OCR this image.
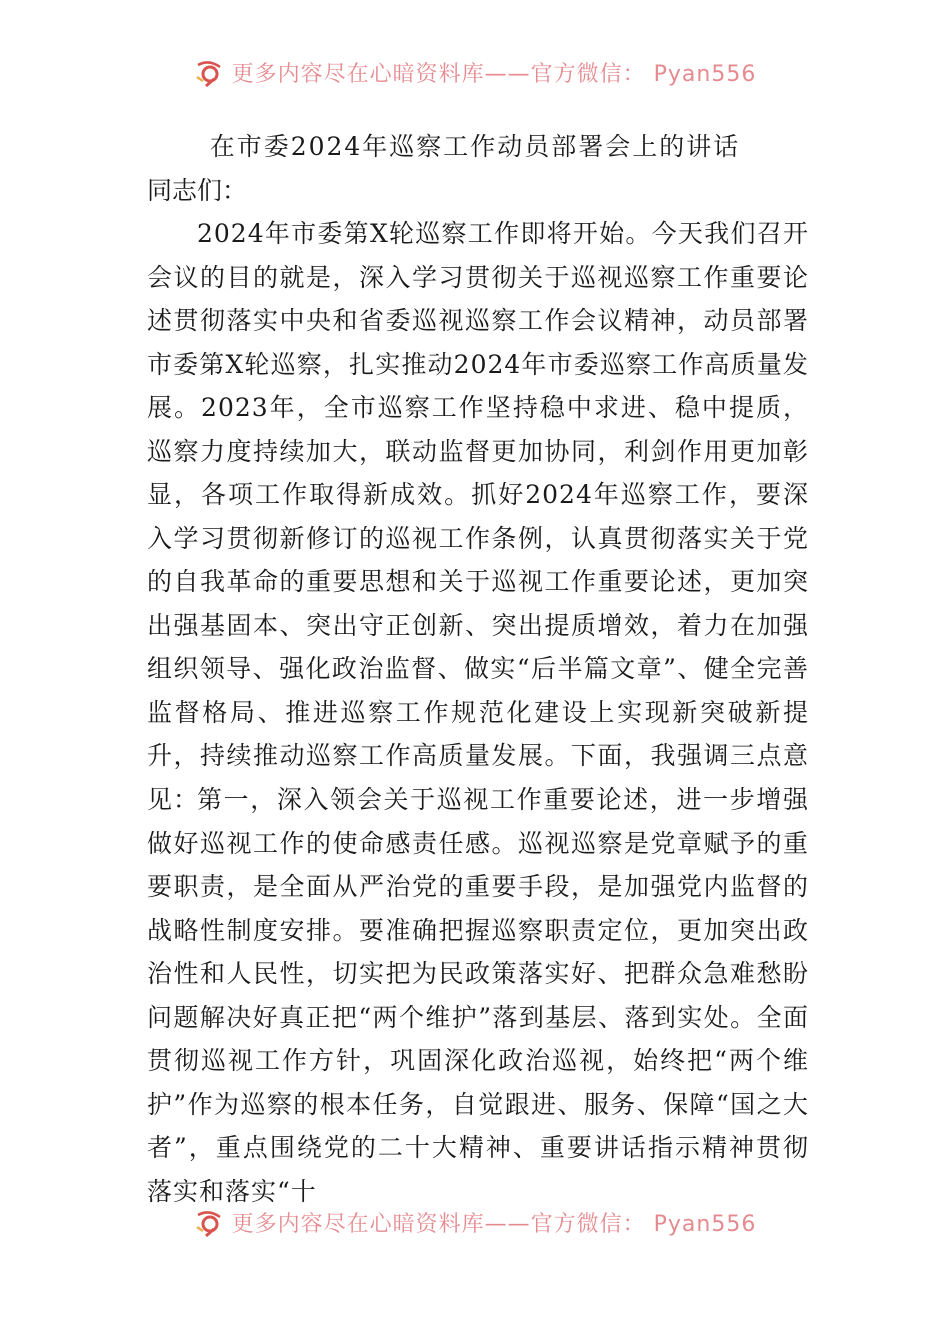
更多内容尽在心暗资料库——官方微信： Pyan556
在市委2024年巡察工作动员部署会上的讲话

同志们：

2024年市委第X轮巡察工作即将开始。今天我们召开会议的目的就是，深入学习贯彻关于巡视巡察工作重要论述贯彻落实中央和省委巡视巡察工作会议精神，动员部署市委第X轮巡察，扎实推动2024年市委巡察工作高质量发展。2023年，全市巡察工作坚持稳中求进、稳中提质，巡察力度持续加大，联动监督更加协同，利剑作用更加彰显，各项工作取得新成效。抓好2024年巡察工作，要深入学习贯彻新修订的巡视工作条例，认真贯彻落实关于党的自我革命的重要思想和关于巡视工作重要论述，更加突出强基固本、突出守正创新、突出提质增效，着力在加强组织领导、强化政治监督、做实“后半篇文章”、健全完善监督格局、推进巡察工作规范化建设上实现新突破新提升，持续推动巡察工作高质量发展。下面，我强调三点意见：

第一，深入领会关于巡视工作重要论述，进一步增强做好巡视工作的使命感责任感。巡视巡察是党章赋予的重要职责，是全面从严治党的重要手段，是加强党内监督的战略性制度安排。要准确把握巡察职责定位，更加突出政治性和人民性，切实把为民政策落实好、把群众急难愁盼问题解决好真正把“两个维护”落到基层、落到实处。全面贯彻巡视工作方针，巩固深化政治巡视，始终把“两个维护”作为巡察的根本任务，自觉跟进、服务、保障“国之大者”，重点围绕党的二十大精神、重要讲话指示精神贯彻落实和落实“十

更多内容尽在心暗资料库——官方微信： Pyan556
